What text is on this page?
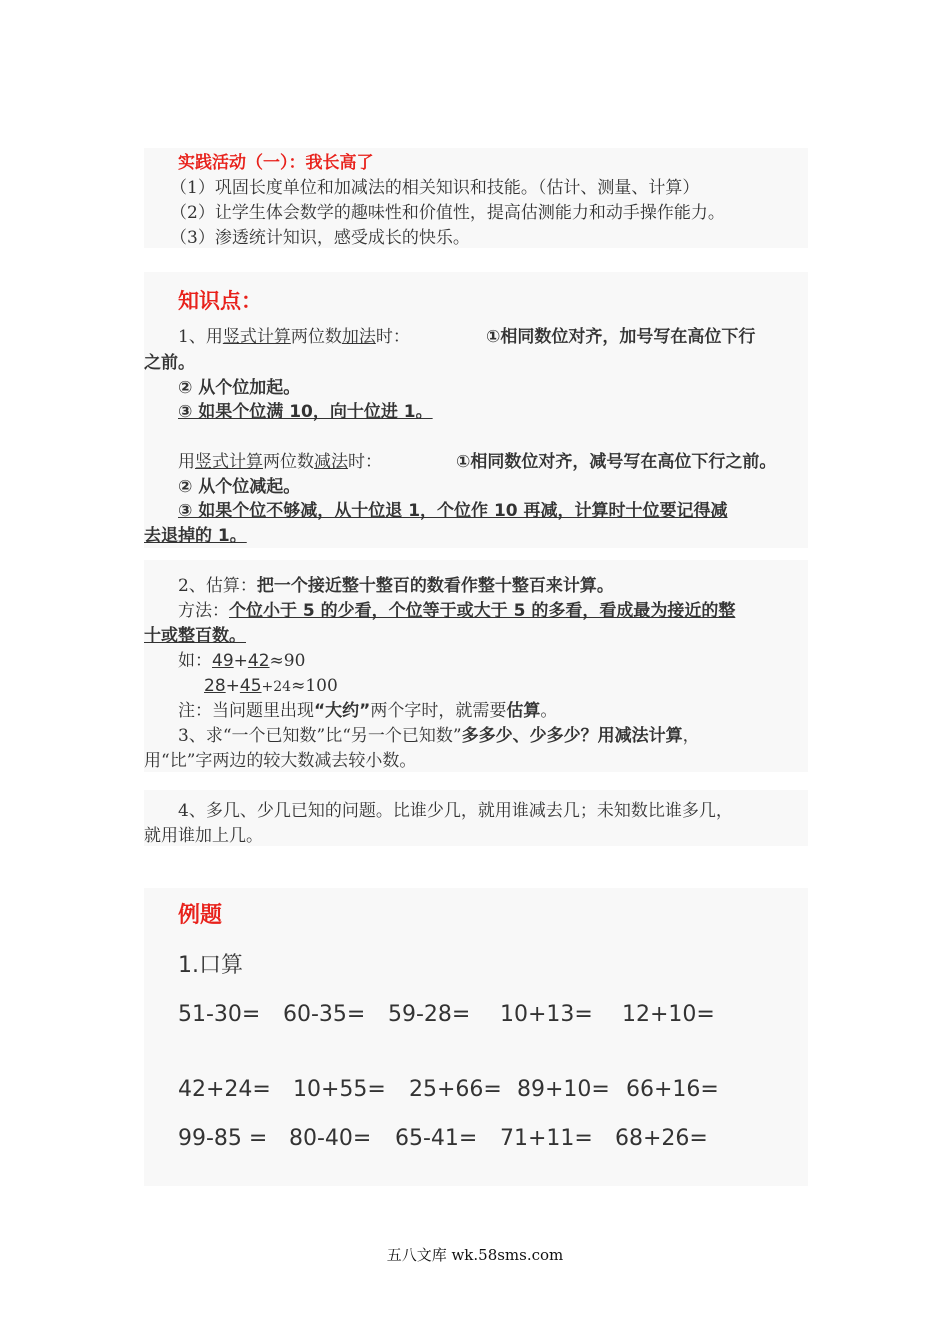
实践活动（一）：我长高了
（1）巩固长度单位和加减法的相关知识和技能。（估计、测量、计算）
（2）让学生体会数学的趣味性和价值性，提高估测能力和动手操作能力。
（3）渗透统计知识，感受成长的快乐。
知识点：
1、用竖式计算两位数加法时：	①相同数位对齐，加号写在高位下行
之前。
② 从个位加起。
③ 如果个位满 10，向十位进 1。
用竖式计算两位数减法时：	①相同数位对齐，减号写在高位下行之前。
② 从个位减起。
③ 如果个位不够减，从十位退 1，个位作 10 再减，计算时十位要记得减
去退掉的 1。
2、估算：把一个接近整十整百的数看作整十整百来计算。
方法：个位小于 5 的少看，个位等于或大于 5 的多看，看成最为接近的整
十或整百数。
如：49+42≈90
28+45+24≈100
注：当问题里出现“大约”两个字时，就需要估算。
3、求“一个已知数”比“另一个已知数”多多少、少多少？用减法计算，
用“比”字两边的较大数减去较小数。
4、多几、少几已知的问题。比谁少几，就用谁减去几；未知数比谁多几，
就用谁加上几。
例题
1.口算
51-30= 60-35= 59-28= 10+13= 12+10=
42+24= 10+55= 25+66= 89+10= 66+16=
99-85 = 80-40= 65-41= 71+11= 68+26=
五八文库 wk.58sms.com
